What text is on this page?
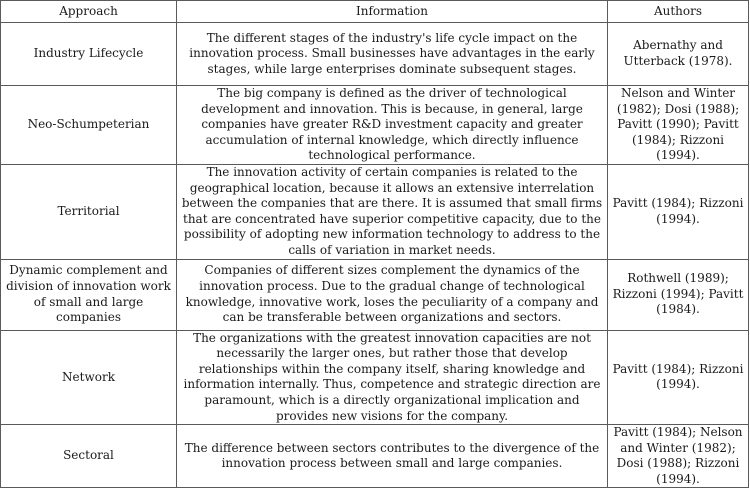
Approach	Information	Authors
Industry Lifecycle	The different stages of the industry's life cycle impact on the innovation process. Small businesses have advantages in the early stages, while large enterprises dominate subsequent stages.	Abernathy and Utterback (1978).
Neo-Schumpeterian	The big company is defined as the driver of technological development and innovation. This is because, in general, large companies have greater R&D investment capacity and greater accumulation of internal knowledge, which directly influence technological performance.	Nelson and Winter (1982); Dosi (1988); Pavitt (1990); Pavitt (1984); Rizzoni (1994).
Territorial	The innovation activity of certain companies is related to the geographical location, because it allows an extensive interrelation between the companies that are there. It is assumed that small firms that are concentrated have superior competitive capacity, due to the possibility of adopting new information technology to address to the calls of variation in market needs.	Pavitt (1984); Rizzoni (1994).
Dynamic complement and division of innovation work of small and large companies	Companies of different sizes complement the dynamics of the innovation process. Due to the gradual change of technological knowledge, innovative work, loses the peculiarity of a company and can be transferable between organizations and sectors.	Rothwell (1989); Rizzoni (1994); Pavitt (1984).
Network	The organizations with the greatest innovation capacities are not necessarily the larger ones, but rather those that develop relationships within the company itself, sharing knowledge and information internally. Thus, competence and strategic direction are paramount, which is a directly organizational implication and provides new visions for the company.	Pavitt (1984); Rizzoni (1994).
Sectoral	The difference between sectors contributes to the divergence of the innovation process between small and large companies.	Pavitt (1984); Nelson and Winter (1982); Dosi (1988); Rizzoni (1994).
